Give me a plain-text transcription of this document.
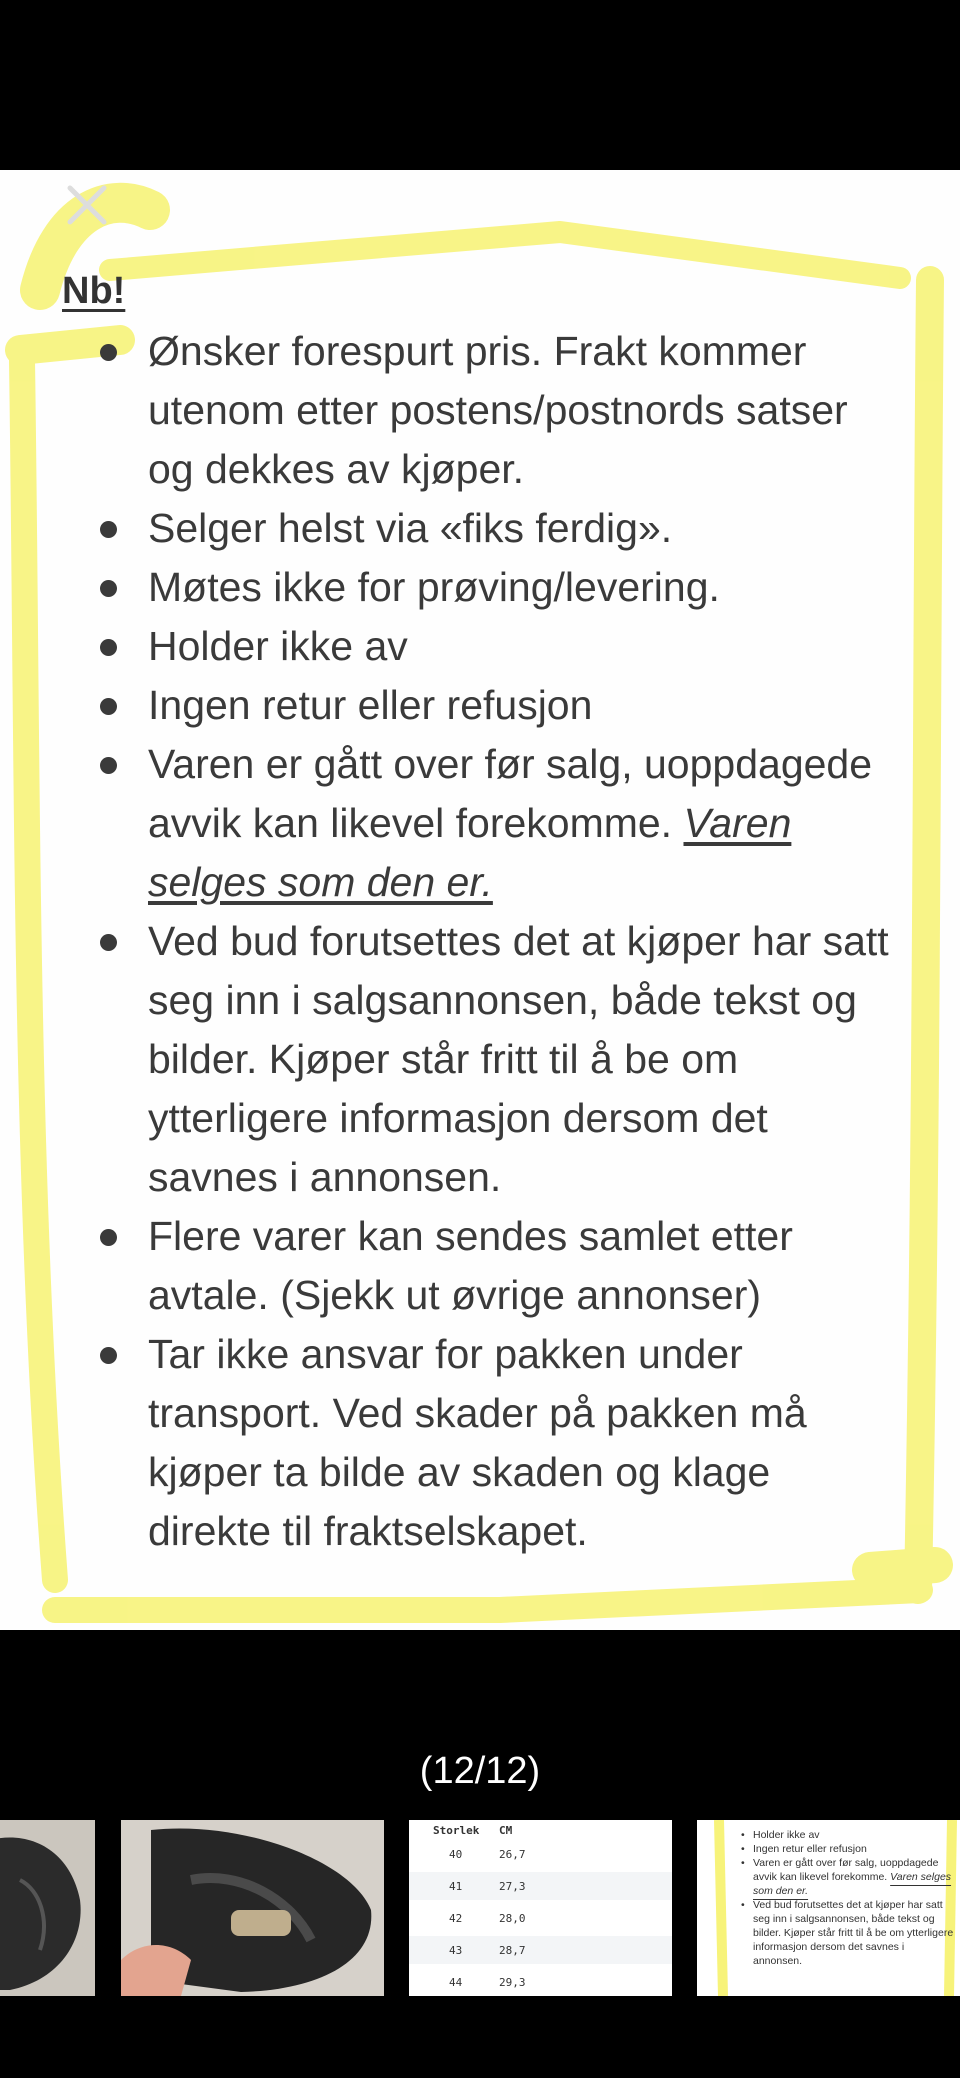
Nb!
Ønsker forespurt pris. Frakt kommer utenom etter postens/postnords satser og dekkes av kjøper.
Selger helst via «fiks ferdig».
Møtes ikke for prøving/levering.
Holder ikke av
Ingen retur eller refusjon
Varen er gått over før salg, uoppdagede avvik kan likevel forekomme. Varen selges som den er.
Ved bud forutsettes det at kjøper har satt seg inn i salgsannonsen, både tekst og bilder. Kjøper står fritt til å be om ytterligere informasjon dersom det savnes i annonsen.
Flere varer kan sendes samlet etter avtale. (Sjekk ut øvrige annonser)
Tar ikke ansvar for pakken under transport. Ved skader på pakken må kjøper ta bilde av skaden og klage direkte til fraktselskapet.
(12/12)
Storlek CM
40	26,7
41	27,3
42	28,0
43	28,7
44	29,3
• Holder ikke av
• Ingen retur eller refusjon
• Varen er gått over før salg, uoppdagede avvik kan likevel forekomme. Varen selges som den er.
• Ved bud forutsettes det at kjøper har satt seg inn i salgsannonsen, både tekst og bilder. Kjøper står fritt til å be om ytterligere informasjon dersom det savnes i annonsen.
